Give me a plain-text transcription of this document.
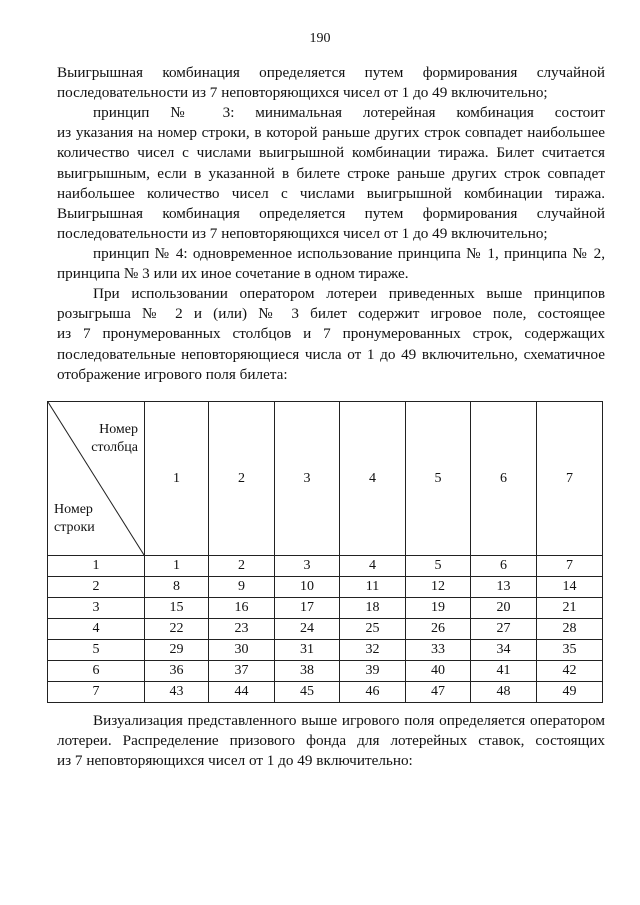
190
Выигрышная комбинация определяется путем формирования случайной
последовательности из 7 неповторяющихся чисел от 1 до 49 включительно;
принцип № 3: минимальная лотерейная комбинация состоит
из указания на номер строки, в которой раньше других строк совпадет наибольшее
количество чисел с числами выигрышной комбинации тиража. Билет считается
выигрышным, если в указанной в билете строке раньше других строк совпадет
наибольшее количество чисел с числами выигрышной комбинации тиража.
Выигрышная комбинация определяется путем формирования случайной
последовательности из 7 неповторяющихся чисел от 1 до 49 включительно;
принцип № 4: одновременное использование принципа № 1, принципа № 2,
принципа № 3 или их иное сочетание в одном тираже.
При использовании оператором лотереи приведенных выше принципов
розыгрыша № 2 и (или) № 3 билет содержит игровое поле, состоящее
из 7 пронумерованных столбцов и 7 пронумерованных строк, содержащих
последовательные неповторяющиеся числа от 1 до 49 включительно, схематичное
отображение игрового поля билета:
Номер
столбца
Номер
строки	1	2	3	4	5	6	7
1	1	2	3	4	5	6	7
2	8	9	10	11	12	13	14
3	15	16	17	18	19	20	21
4	22	23	24	25	26	27	28
5	29	30	31	32	33	34	35
6	36	37	38	39	40	41	42
7	43	44	45	46	47	48	49
Визуализация представленного выше игрового поля определяется оператором
лотереи. Распределение призового фонда для лотерейных ставок, состоящих
из 7 неповторяющихся чисел от 1 до 49 включительно:
